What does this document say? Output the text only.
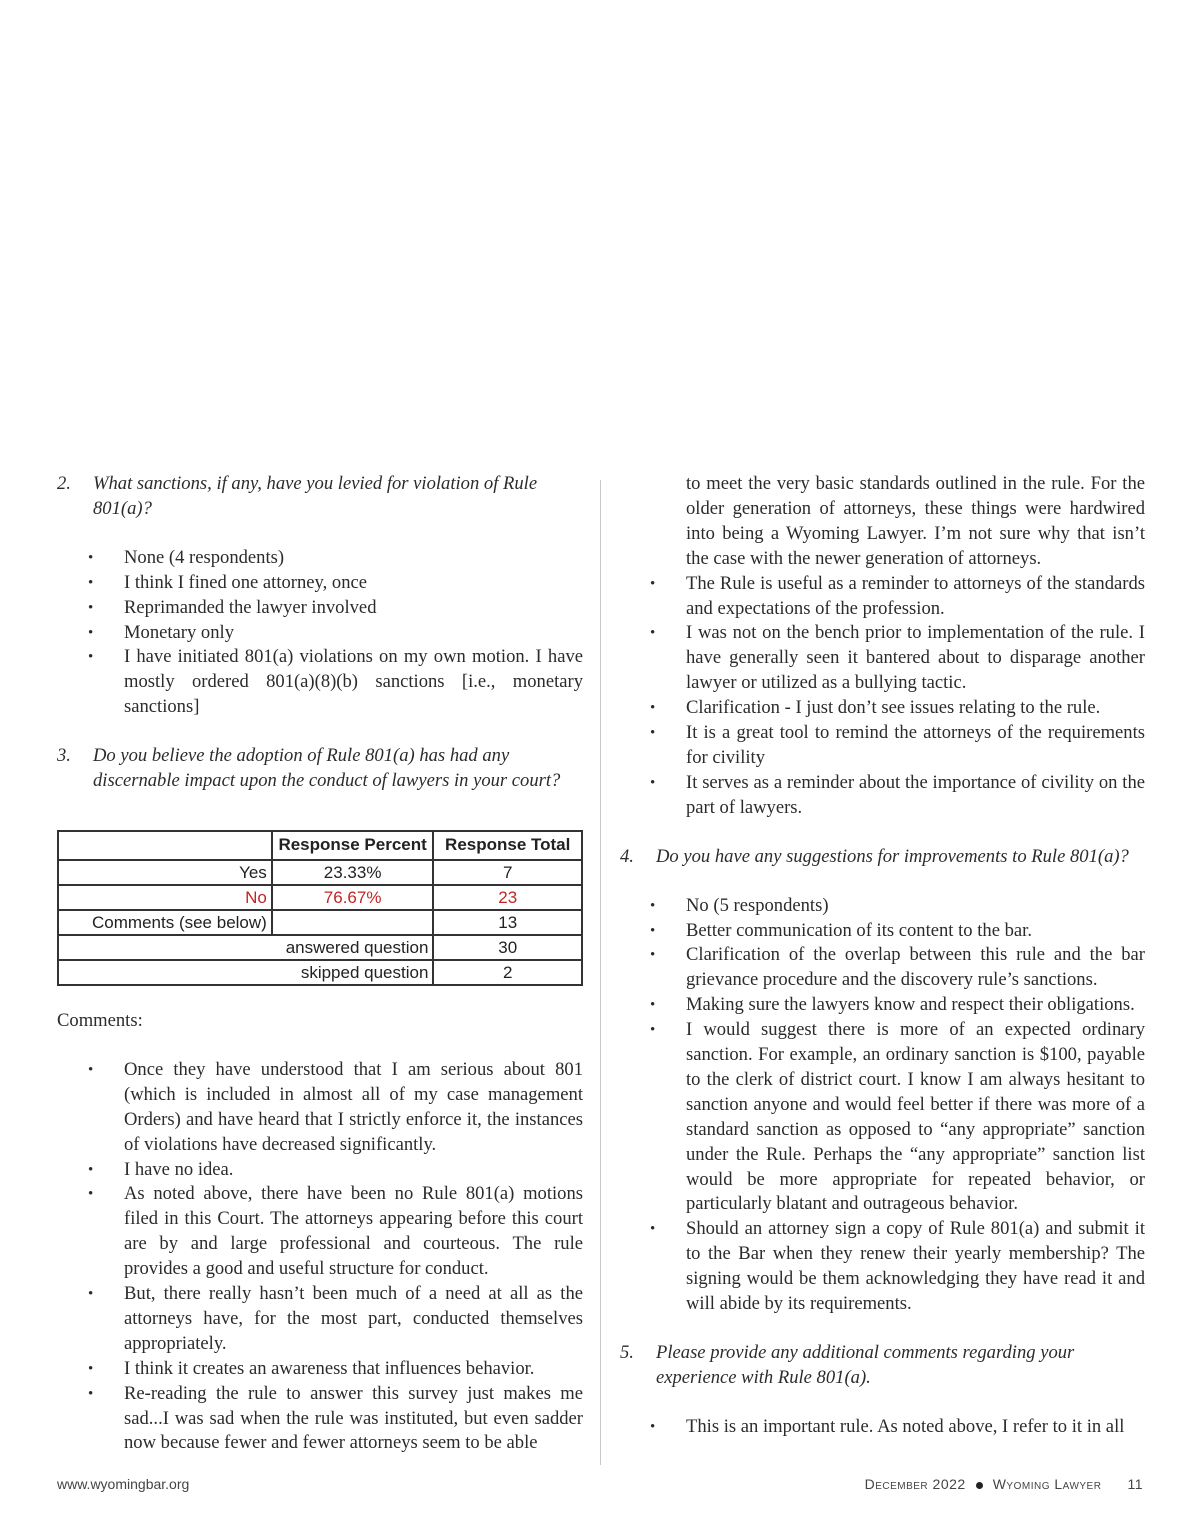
2. What sanctions, if any, have you levied for violation of Rule 801(a)?
• None (4 respondents)
• I think I fined one attorney, once
• Reprimanded the lawyer involved
• Monetary only
• I have initiated 801(a) violations on my own motion. I have mostly ordered 801(a)(8)(b) sanctions [i.e., monetary sanctions]
3. Do you believe the adoption of Rule 801(a) has had any discernable impact upon the conduct of lawyers in your court?
	Response Percent	Response Total
Yes	23.33%	7
No	76.67%	23
Comments (see below)		13
answered question		30
skipped question		2
Comments:
• Once they have understood that I am serious about 801 (which is included in almost all of my case management Orders) and have heard that I strictly enforce it, the instances of violations have decreased significantly.
• I have no idea.
• As noted above, there have been no Rule 801(a) motions filed in this Court. The attorneys appearing before this court are by and large professional and courteous. The rule provides a good and useful structure for conduct.
• But, there really hasn’t been much of a need at all as the attorneys have, for the most part, conducted themselves appropriately.
• I think it creates an awareness that influences behavior.
• Re-reading the rule to answer this survey just makes me sad...I was sad when the rule was instituted, but even sadder now because fewer and fewer attorneys seem to be able
to meet the very basic standards outlined in the rule. For the older generation of attorneys, these things were hardwired into being a Wyoming Lawyer. I’m not sure why that isn’t the case with the newer generation of attorneys.
• The Rule is useful as a reminder to attorneys of the standards and expectations of the profession.
• I was not on the bench prior to implementation of the rule. I have generally seen it bantered about to disparage another lawyer or utilized as a bullying tactic.
• Clarification - I just don’t see issues relating to the rule.
• It is a great tool to remind the attorneys of the requirements for civility
• It serves as a reminder about the importance of civility on the part of lawyers.
4. Do you have any suggestions for improvements to Rule 801(a)?
• No (5 respondents)
• Better communication of its content to the bar.
• Clarification of the overlap between this rule and the bar grievance procedure and the discovery rule’s sanctions.
• Making sure the lawyers know and respect their obligations.
• I would suggest there is more of an expected ordinary sanction. For example, an ordinary sanction is $100, payable to the clerk of district court. I know I am always hesitant to sanction anyone and would feel better if there was more of a standard sanction as opposed to “any appropriate” sanction under the Rule. Perhaps the “any appropriate” sanction list would be more appropriate for repeated behavior, or particularly blatant and outrageous behavior.
• Should an attorney sign a copy of Rule 801(a) and submit it to the Bar when they renew their yearly membership? The signing would be them acknowledging they have read it and will abide by its requirements.
5. Please provide any additional comments regarding your experience with Rule 801(a).
• This is an important rule. As noted above, I refer to it in all
www.wyomingbar.org	December 2022 Wyoming Lawyer 11
